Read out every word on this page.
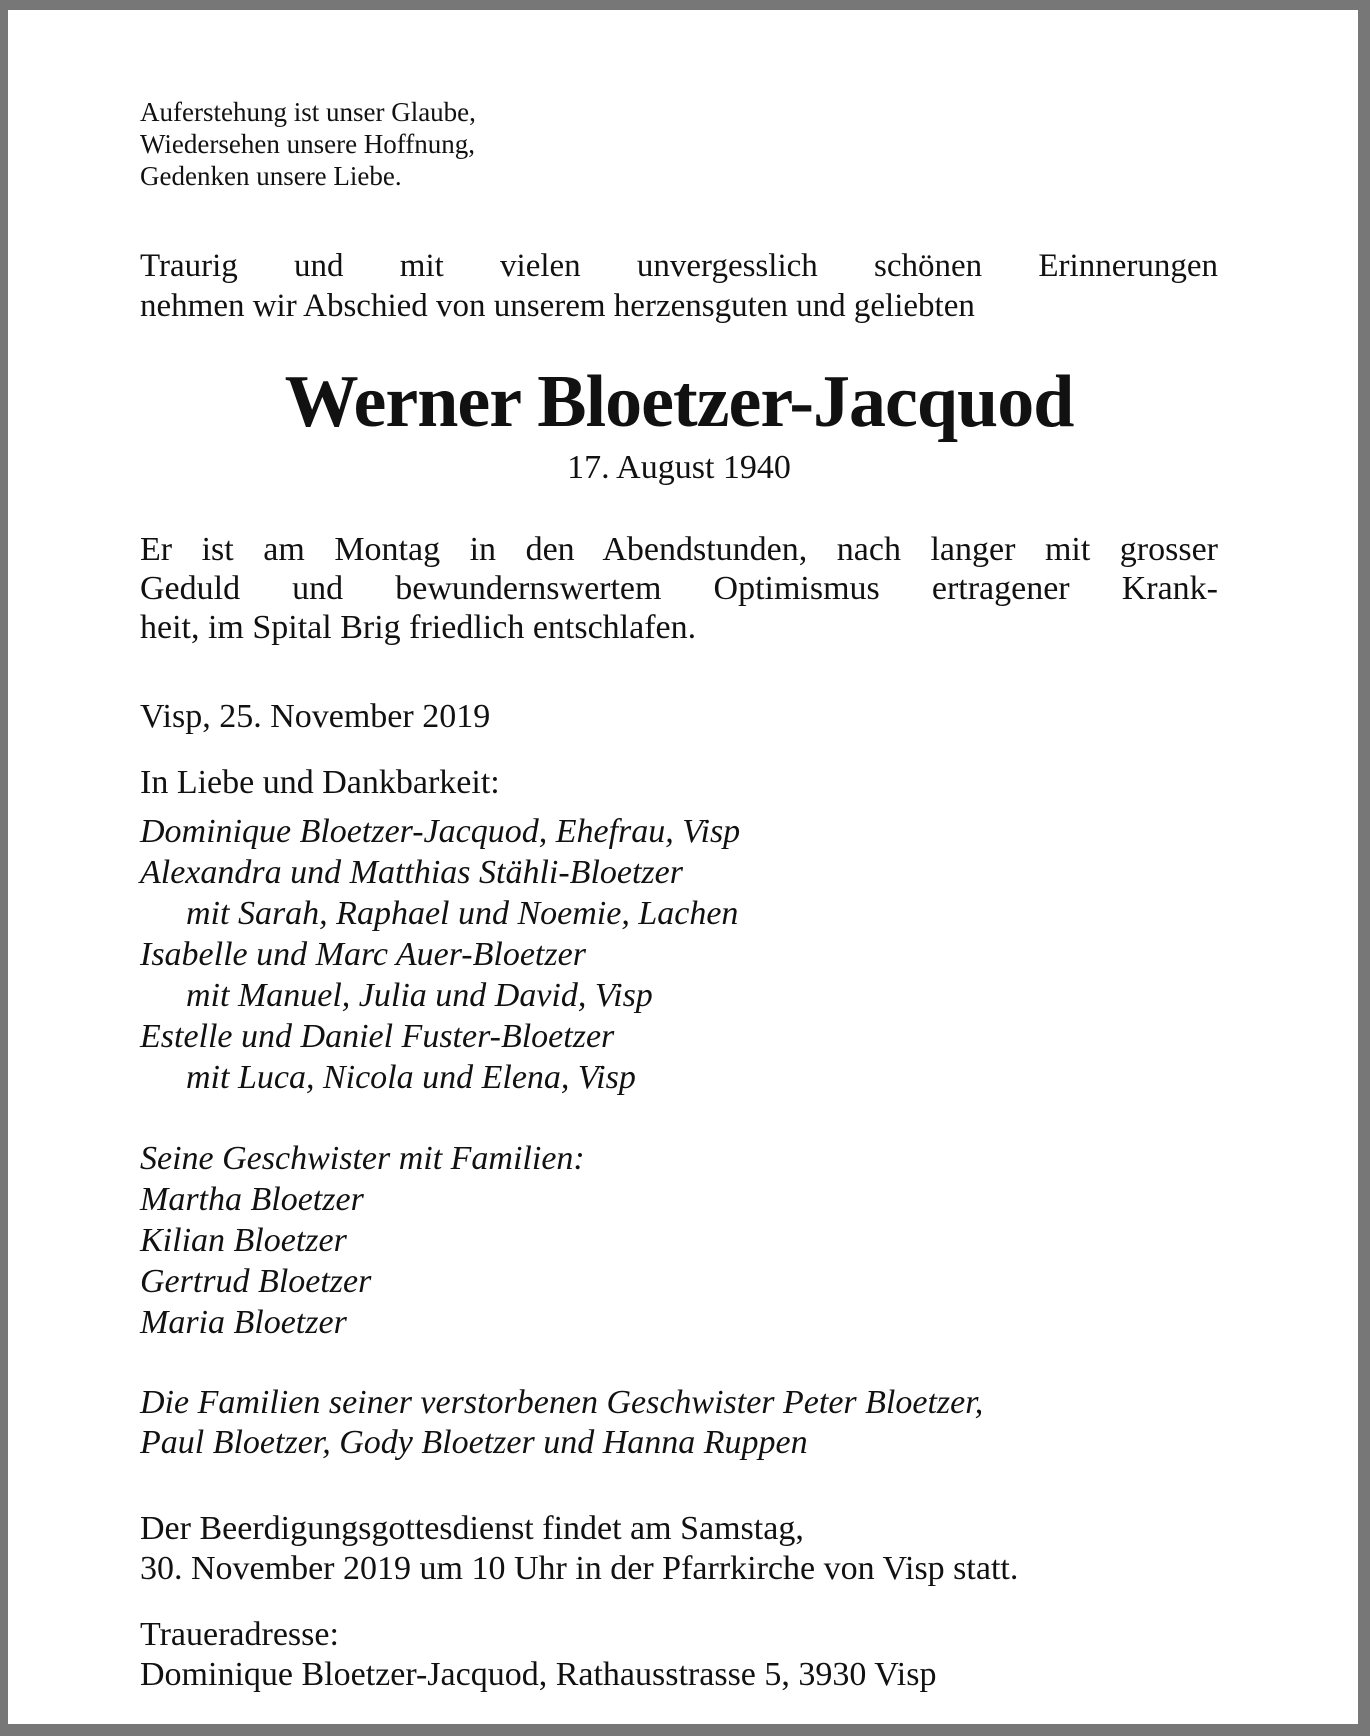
Auferstehung ist unser Glaube,
Wiedersehen unsere Hoffnung,
Gedenken unsere Liebe.
Traurig und mit vielen unvergesslich schönen Erinnerungen
nehmen wir Abschied von unserem herzensguten und geliebten
Werner Bloetzer-Jacquod
17. August 1940
Er ist am Montag in den Abendstunden, nach langer mit grosser
Geduld und bewundernswertem Optimismus ertragener Krank-
heit, im Spital Brig friedlich entschlafen.
Visp, 25. November 2019
In Liebe und Dankbarkeit:
Dominique Bloetzer-Jacquod, Ehefrau, Visp
Alexandra und Matthias Stähli-Bloetzer
mit Sarah, Raphael und Noemie, Lachen
Isabelle und Marc Auer-Bloetzer
mit Manuel, Julia und David, Visp
Estelle und Daniel Fuster-Bloetzer
mit Luca, Nicola und Elena, Visp
Seine Geschwister mit Familien:
Martha Bloetzer
Kilian Bloetzer
Gertrud Bloetzer
Maria Bloetzer
Die Familien seiner verstorbenen Geschwister Peter Bloetzer,
Paul Bloetzer, Gody Bloetzer und Hanna Ruppen
Der Beerdigungsgottesdienst findet am Samstag,
30. November 2019 um 10 Uhr in der Pfarrkirche von Visp statt.
Traueradresse:
Dominique Bloetzer-Jacquod, Rathausstrasse 5, 3930 Visp
